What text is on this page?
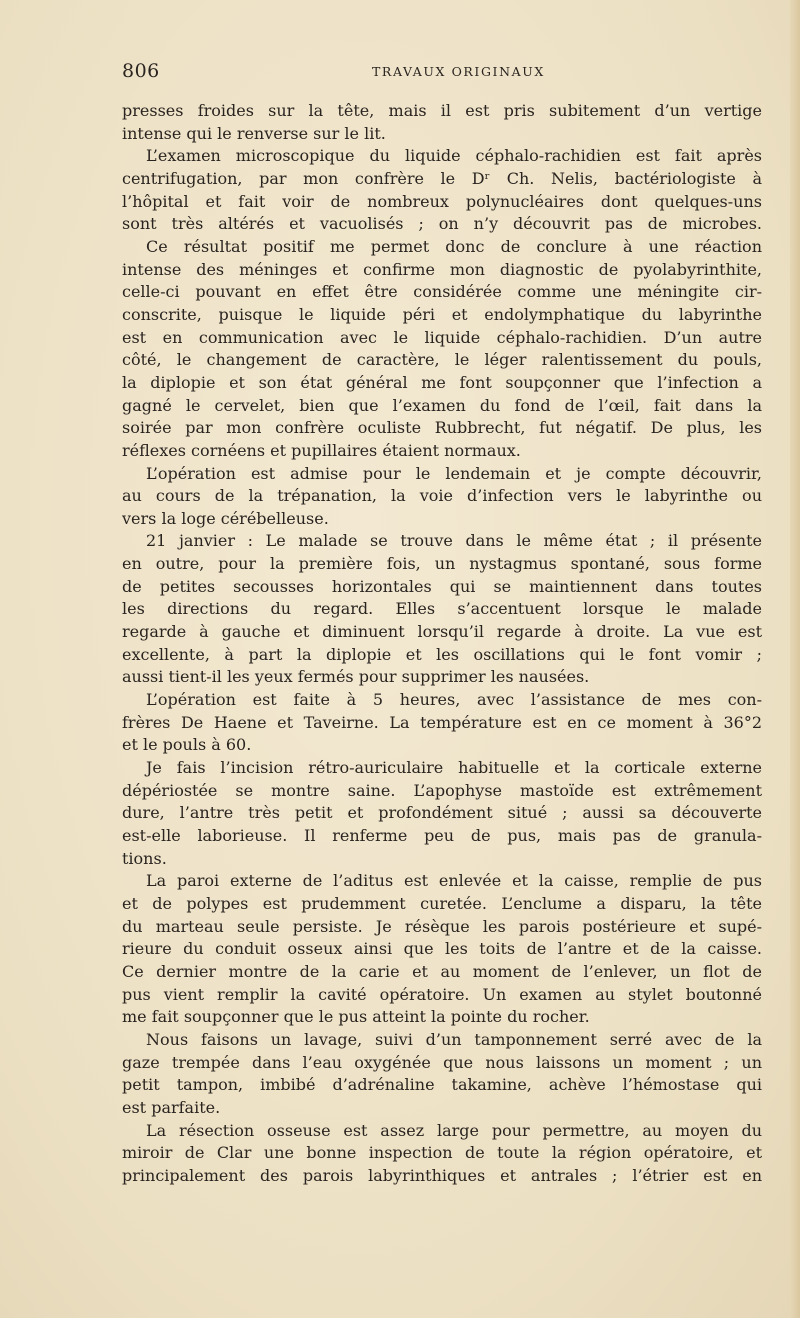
806	TRAVAUX ORIGINAUX
presses froides sur la tête, mais il est pris subitement d’un vertige
intense qui le renverse sur le lit.
L’examen microscopique du liquide céphalo-rachidien est fait après
centrifugation, par mon confrère le Dʳ Ch. Nelis, bactériologiste à
l’hôpital et fait voir de nombreux polynucléaires dont quelques-uns
sont très altérés et vacuolisés ; on n’y découvrit pas de microbes.
Ce résultat positif me permet donc de conclure à une réaction
intense des méninges et confirme mon diagnostic de pyolabyrinthite,
celle-ci pouvant en effet être considérée comme une méningite cir-
conscrite, puisque le liquide péri et endolymphatique du labyrinthe
est en communication avec le liquide céphalo-rachidien. D’un autre
côté, le changement de caractère, le léger ralentissement du pouls,
la diplopie et son état général me font soupçonner que l’infection a
gagné le cervelet, bien que l’examen du fond de l’œil, fait dans la
soirée par mon confrère oculiste Rubbrecht, fut négatif. De plus, les
réflexes cornéens et pupillaires étaient normaux.
L’opération est admise pour le lendemain et je compte découvrir,
au cours de la trépanation, la voie d’infection vers le labyrinthe ou
vers la loge cérébelleuse.
21 janvier : Le malade se trouve dans le même état ; il présente
en outre, pour la première fois, un nystagmus spontané, sous forme
de petites secousses horizontales qui se maintiennent dans toutes
les directions du regard. Elles s’accentuent lorsque le malade
regarde à gauche et diminuent lorsqu’il regarde à droite. La vue est
excellente, à part la diplopie et les oscillations qui le font vomir ;
aussi tient-il les yeux fermés pour supprimer les nausées.
L’opération est faite à 5 heures, avec l’assistance de mes con-
frères De Haene et Taveirne. La température est en ce moment à 36°2
et le pouls à 60.
Je fais l’incision rétro-auriculaire habituelle et la corticale externe
dépériostée se montre saine. L’apophyse mastoïde est extrêmement
dure, l’antre très petit et profondément situé ; aussi sa découverte
est-elle laborieuse. Il renferme peu de pus, mais pas de granula-
tions.
La paroi externe de l’aditus est enlevée et la caisse, remplie de pus
et de polypes est prudemment curetée. L’enclume a disparu, la tête
du marteau seule persiste. Je résèque les parois postérieure et supé-
rieure du conduit osseux ainsi que les toits de l’antre et de la caisse.
Ce dernier montre de la carie et au moment de l’enlever, un flot de
pus vient remplir la cavité opératoire. Un examen au stylet boutonné
me fait soupçonner que le pus atteint la pointe du rocher.
Nous faisons un lavage, suivi d’un tamponnement serré avec de la
gaze trempée dans l’eau oxygénée que nous laissons un moment ; un
petit tampon, imbibé d’adrénaline takamine, achève l’hémostase qui
est parfaite.
La résection osseuse est assez large pour permettre, au moyen du
miroir de Clar une bonne inspection de toute la région opératoire, et
principalement des parois labyrinthiques et antrales ; l’étrier est en
